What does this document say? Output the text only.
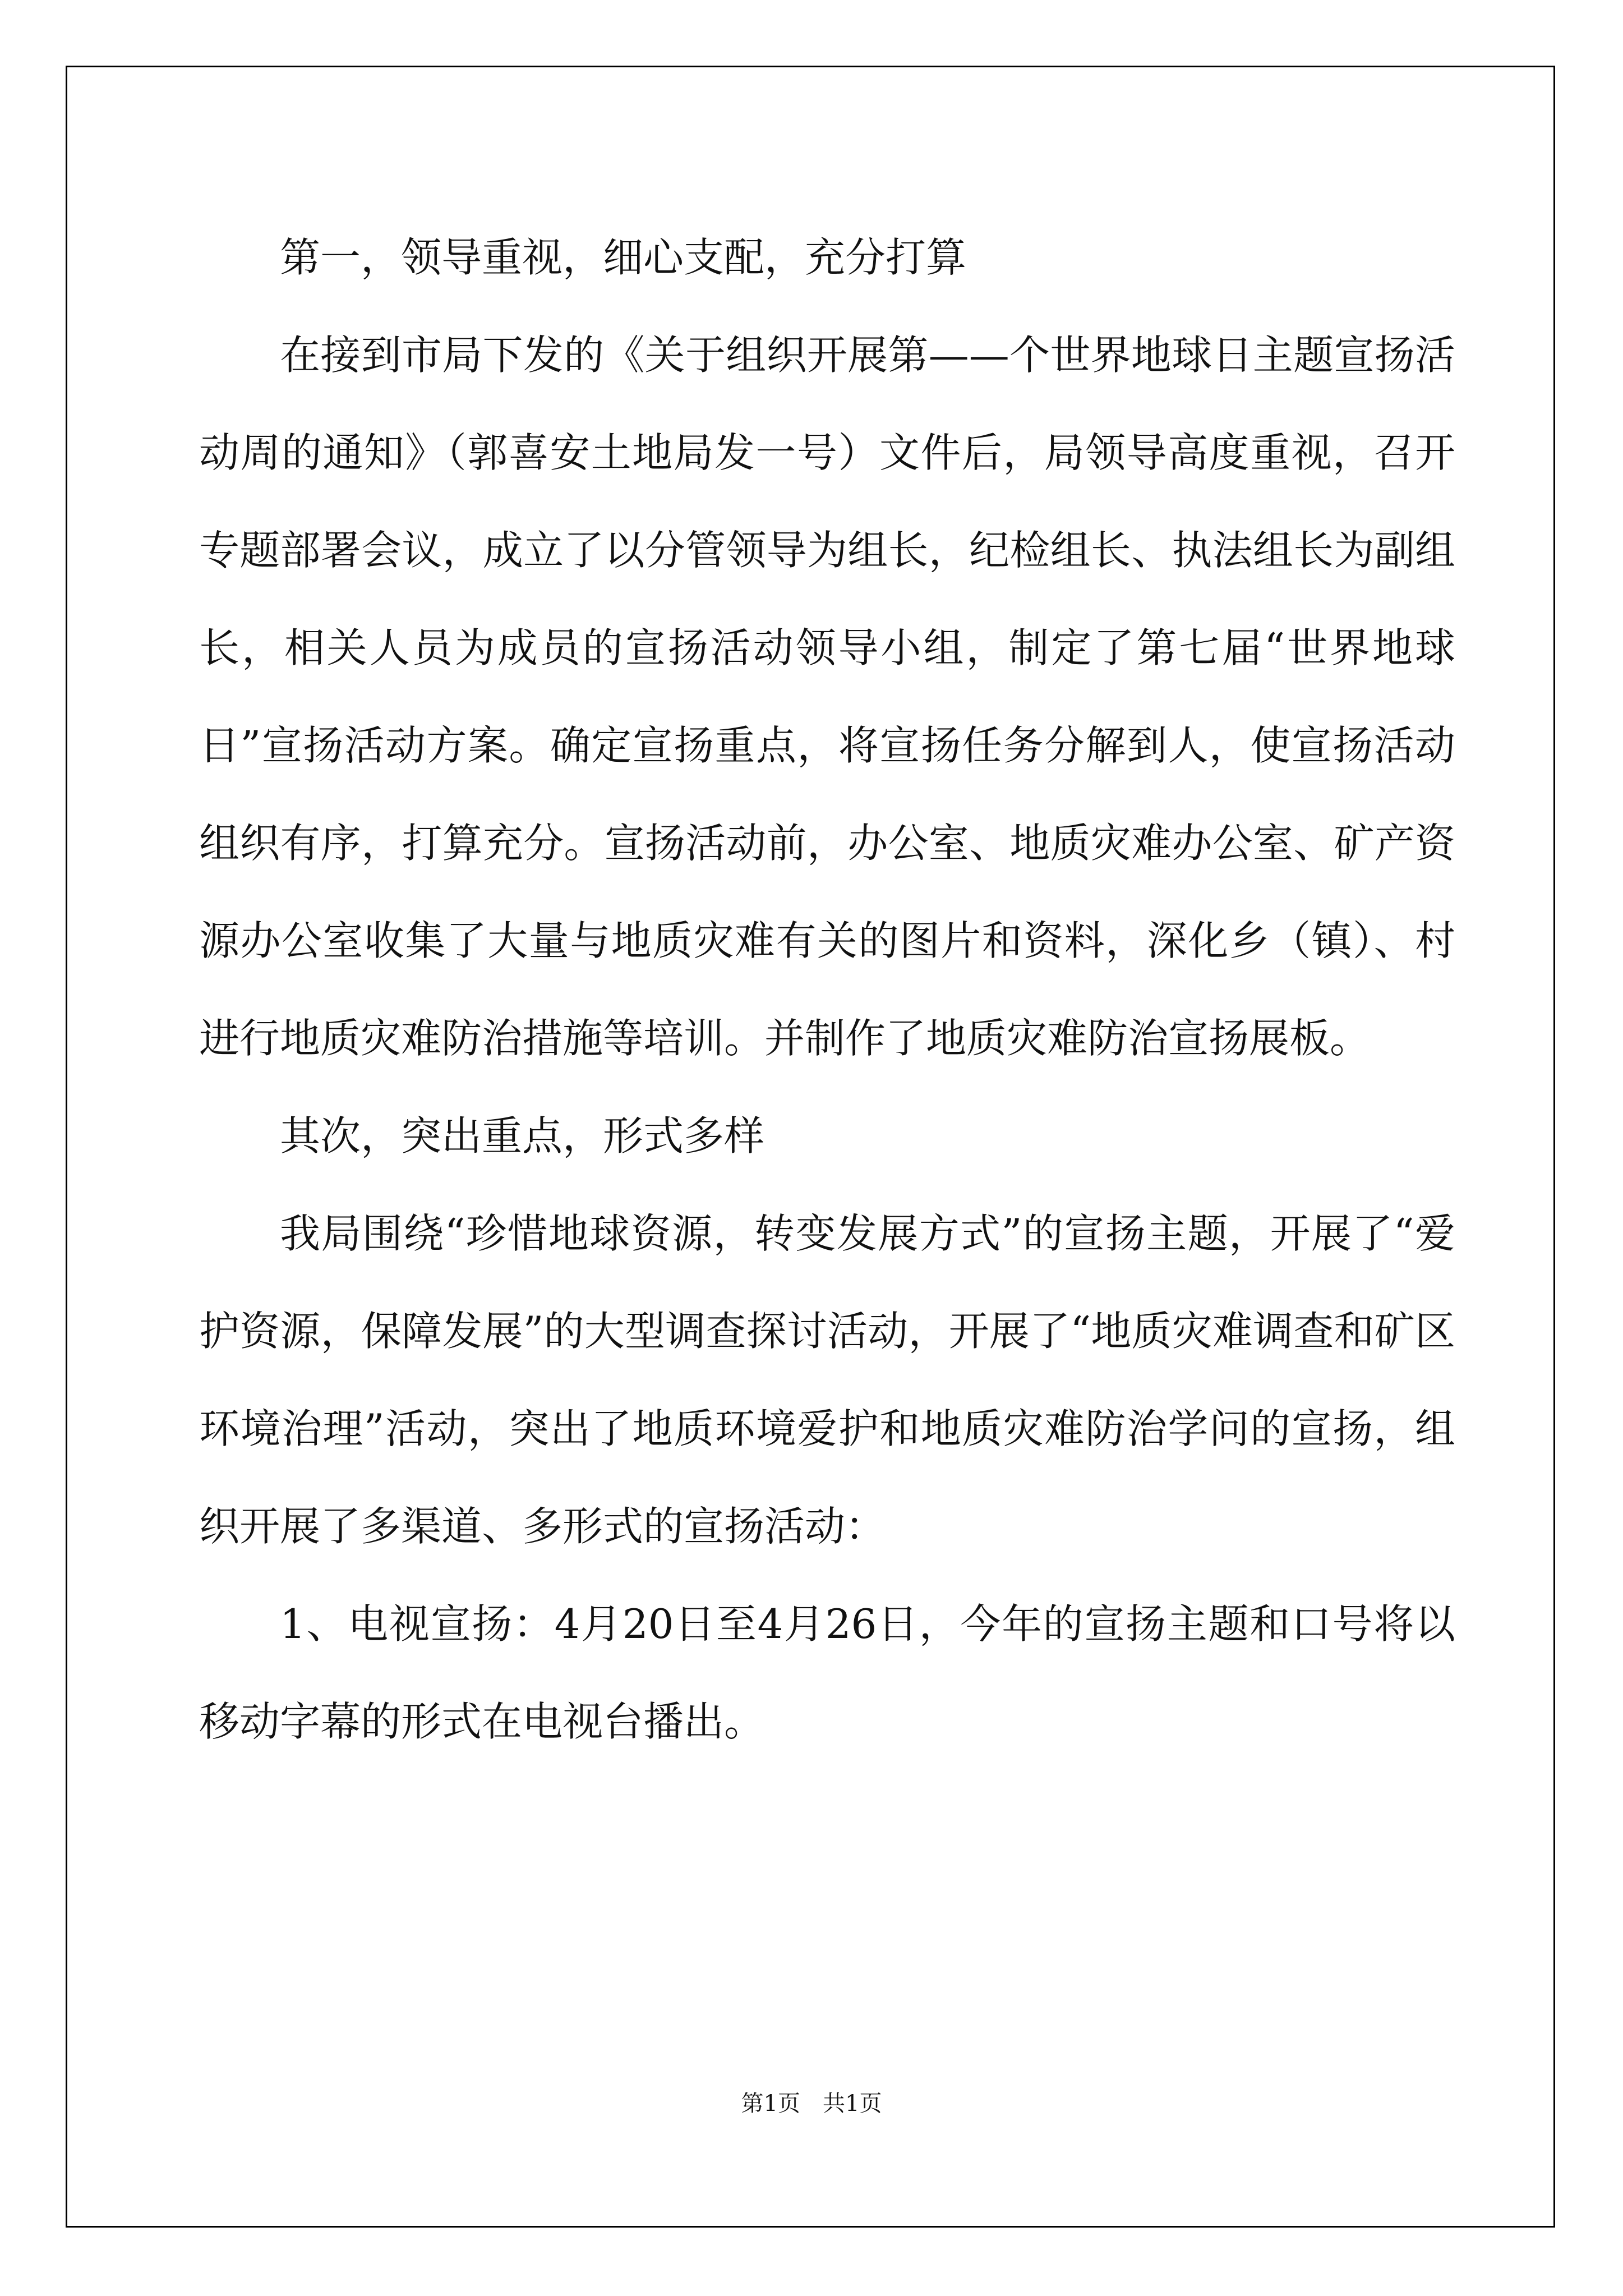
第一，领导重视，细心支配，充分打算

在接到市局下发的《关于组织开展第——个世界地球日主题宣扬活动周的通知》（郭喜安土地局发一号）文件后，局领导高度重视，召开专题部署会议，成立了以分管领导为组长，纪检组长、执法组长为副组长，相关人员为成员的宣扬活动领导小组，制定了第七届“世界地球日”宣扬活动方案。确定宣扬重点，将宣扬任务分解到人，使宣扬活动组织有序，打算充分。宣扬活动前，办公室、地质灾难办公室、矿产资源办公室收集了大量与地质灾难有关的图片和资料，深化乡（镇）、村进行地质灾难防治措施等培训。并制作了地质灾难防治宣扬展板。

其次，突出重点，形式多样

我局围绕“珍惜地球资源，转变发展方式”的宣扬主题，开展了“爱护资源，保障发展”的大型调查探讨活动，开展了“地质灾难调查和矿区环境治理”活动，突出了地质环境爱护和地质灾难防治学问的宣扬，组织开展了多渠道、多形式的宣扬活动：

1、电视宣扬：4月20日至4月26日，今年的宣扬主题和口号将以移动字幕的形式在电视台播出。

第1页　共1页
